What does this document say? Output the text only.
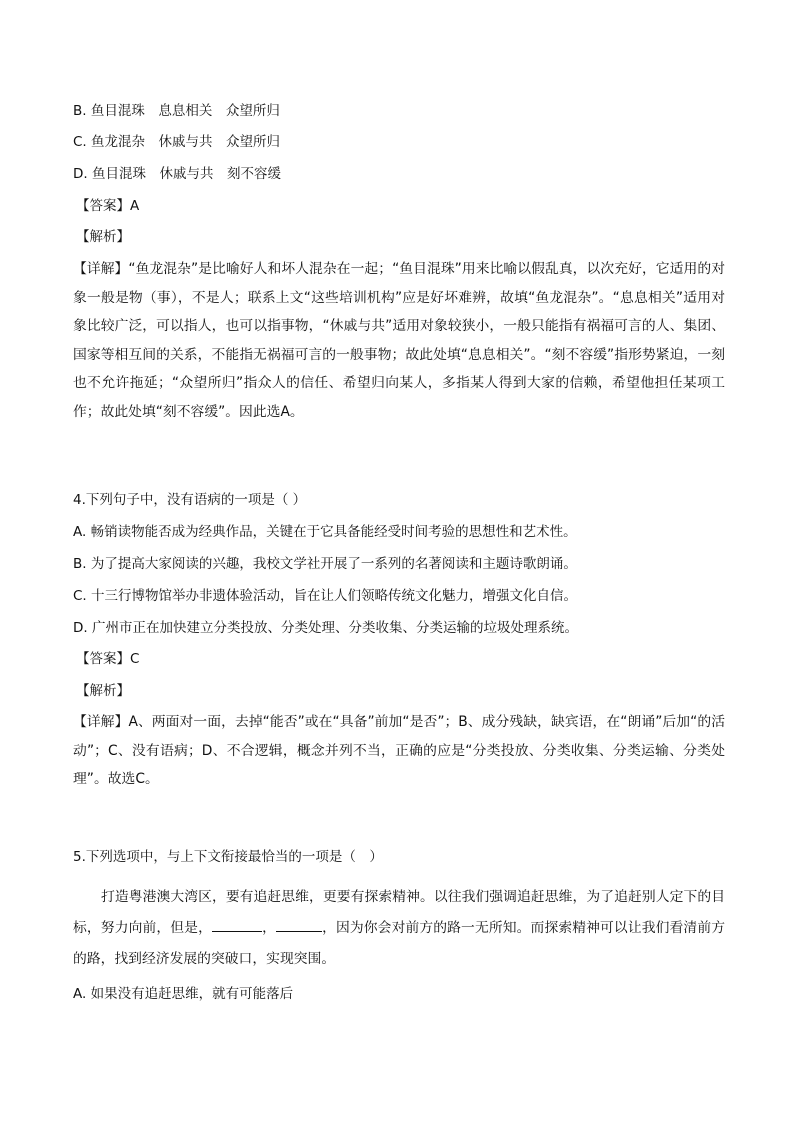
B. 鱼目混珠　息息相关　众望所归
C. 鱼龙混杂　休戚与共　众望所归
D. 鱼目混珠　休戚与共　刻不容缓
【答案】A
【解析】
【详解】“鱼龙混杂”是比喻好人和坏人混杂在一起；“鱼目混珠”用来比喻以假乱真，以次充好，它适用的对象一般是物（事），不是人；联系上文“这些培训机构”应是好坏难辨，故填“鱼龙混杂”。“息息相关”适用对象比较广泛，可以指人，也可以指事物，“休戚与共”适用对象较狭小，一般只能指有祸福可言的人、集团、国家等相互间的关系，不能指无祸福可言的一般事物；故此处填“息息相关”。“刻不容缓”指形势紧迫，一刻也不允许拖延；“众望所归”指众人的信任、希望归向某人，多指某人得到大家的信赖，希望他担任某项工作；故此处填“刻不容缓”。因此选A。
4.下列句子中，没有语病的一项是（ ）
A. 畅销读物能否成为经典作品，关键在于它具备能经受时间考验的思想性和艺术性。
B. 为了提高大家阅读的兴趣，我校文学社开展了一系列的名著阅读和主题诗歌朗诵。
C. 十三行博物馆举办非遗体验活动，旨在让人们领略传统文化魅力，增强文化自信。
D. 广州市正在加快建立分类投放、分类处理、分类收集、分类运输的垃圾处理系统。
【答案】C
【解析】
【详解】A、两面对一面，去掉“能否”或在“具备”前加“是否”；B、成分残缺，缺宾语，在“朗诵”后加“的活动”；C、没有语病；D、不合逻辑，概念并列不当，正确的应是“分类投放、分类收集、分类运输、分类处理”。故选C。
5.下列选项中，与上下文衔接最恰当的一项是（　）
打造粤港澳大湾区，要有追赶思维，更要有探索精神。以往我们强调追赶思维，为了追赶别人定下的目标，努力向前，但是，	，	，因为你会对前方的路一无所知。而探索精神可以让我们看清前方的路，找到经济发展的突破口，实现突围。
A. 如果没有追赶思维，就有可能落后
